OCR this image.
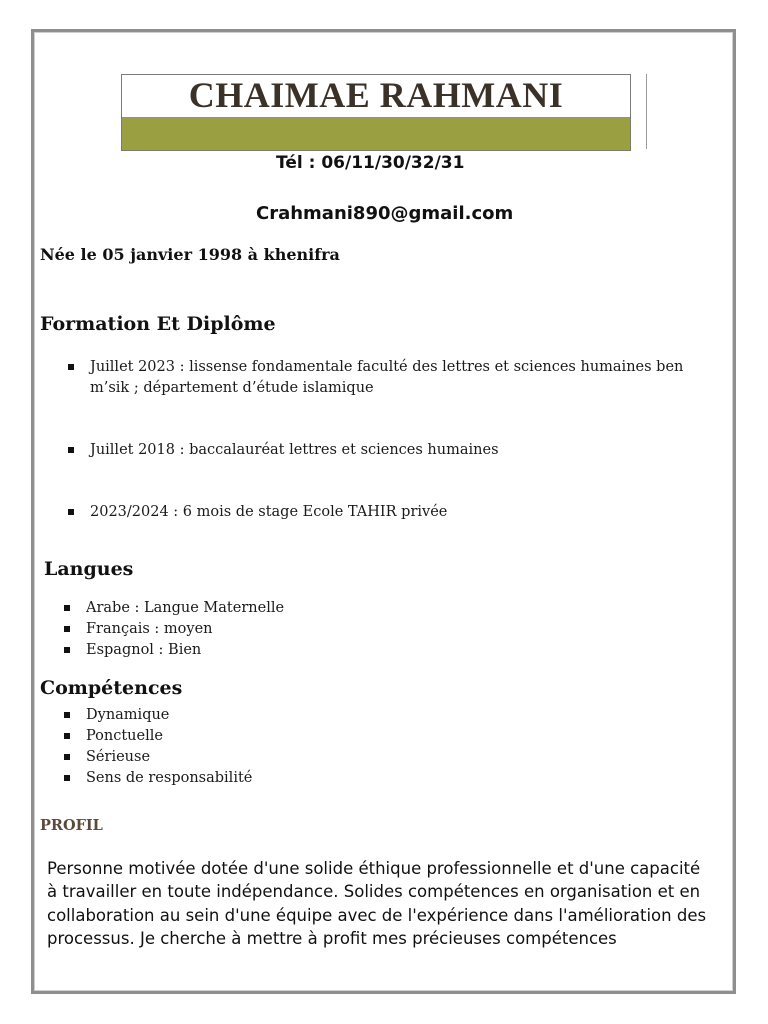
CHAIMAE RAHMANI
Tél : 06/11/30/32/31
Crahmani890@gmail.com
Née le 05 janvier 1998 à khenifra
Formation Et Diplôme
Juillet 2023 : lissense fondamentale faculté des lettres et sciences humaines ben m’sik ; département d’étude islamique
Juillet 2018 : baccalauréat lettres et sciences humaines
2023/2024 : 6 mois de stage Ecole TAHIR privée
Langues
Arabe : Langue Maternelle
Français : moyen
Espagnol : Bien
Compétences
Dynamique
Ponctuelle
Sérieuse
Sens de responsabilité
PROFIL
Personne motivée dotée d'une solide éthique professionnelle et d'une capacité à travailler en toute indépendance. Solides compétences en organisation et en collaboration au sein d'une équipe avec de l'expérience dans l'amélioration des processus. Je cherche à mettre à profit mes précieuses compétences
